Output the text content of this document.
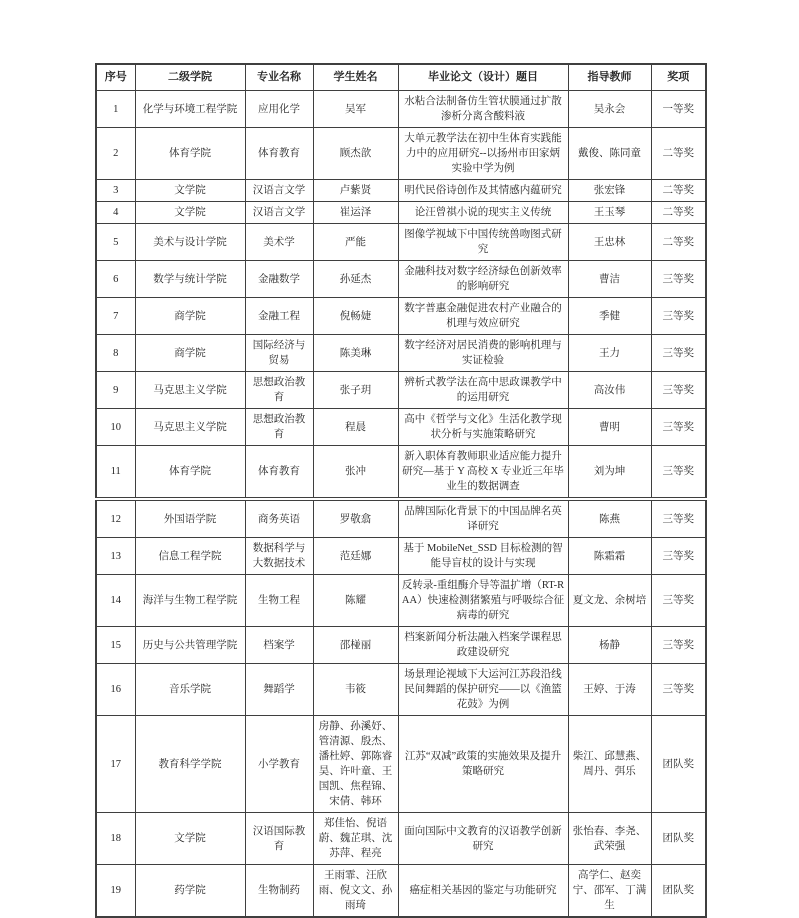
序号	二级学院	专业名称	学生姓名	毕业论文（设计）题目	指导教师	奖项
1	化学与环境工程学院	应用化学	吴军	水粘合法制备仿生管状膜通过扩散渗析分离含酸料液	吴永会	一等奖
2	体育学院	体育教育	顾杰歆	大单元教学法在初中生体育实践能力中的应用研究--以扬州市田家炳实验中学为例	戴俊、陈同童	二等奖
3	文学院	汉语言文学	卢紫贤	明代民俗诗创作及其情感内蕴研究	张宏锋	二等奖
4	文学院	汉语言文学	崔运泽	论汪曾祺小说的现实主义传统	王玉琴	二等奖
5	美术与设计学院	美术学	严能	图像学视域下中国传统兽吻图式研究	王忠林	二等奖
6	数学与统计学院	金融数学	孙延杰	金融科技对数字经济绿色创新效率的影响研究	曹洁	三等奖
7	商学院	金融工程	倪畅婕	数字普惠金融促进农村产业融合的机理与效应研究	季健	三等奖
8	商学院	国际经济与贸易	陈美琳	数字经济对居民消费的影响机理与实证检验	王力	三等奖
9	马克思主义学院	思想政治教育	张子玥	辨析式教学法在高中思政课教学中的运用研究	高汝伟	三等奖
10	马克思主义学院	思想政治教育	程晨	高中《哲学与文化》生活化教学现状分析与实施策略研究	曹明	三等奖
11	体育学院	体育教育	张冲	新入职体育教师职业适应能力提升研究—基于 Y 高校 X 专业近三年毕业生的数据调查	刘为坤	三等奖
12	外国语学院	商务英语	罗敬翕	品牌国际化背景下的中国品牌名英译研究	陈燕	三等奖
13	信息工程学院	数据科学与大数据技术	范廷娜	基于 MobileNet_SSD 目标检测的智能导盲杖的设计与实现	陈霜霜	三等奖
14	海洋与生物工程学院	生物工程	陈耀	反转录-重组酶介导等温扩增（RT-RAA）快速检测猪繁殖与呼吸综合征病毒的研究	夏文龙、余树培	三等奖
15	历史与公共管理学院	档案学	邵椪丽	档案新闻分析法融入档案学课程思政建设研究	杨静	三等奖
16	音乐学院	舞蹈学	韦筱	场景理论视域下大运河江苏段沿线民间舞蹈的保护研究——以《渔篮花鼓》为例	王婷、于涛	三等奖
17	教育科学学院	小学教育	房静、孙溪妤、管清源、殷杰、潘杜婷、郭陈睿昊、许叶童、王国凯、焦程锦、宋倩、韩环	江苏“双减”政策的实施效果及提升策略研究	柴江、邱慧燕、周丹、弭乐	团队奖
18	文学院	汉语国际教育	郑佳怡、倪语蔚、魏芷琪、沈苏萍、程亮	面向国际中文教育的汉语教学创新研究	张怡春、李尧、武荣强	团队奖
19	药学院	生物制药	王雨霏、汪欣雨、倪文文、孙雨琦	癌症相关基因的鉴定与功能研究	高学仁、赵奕宁、邵军、丁满生	团队奖
